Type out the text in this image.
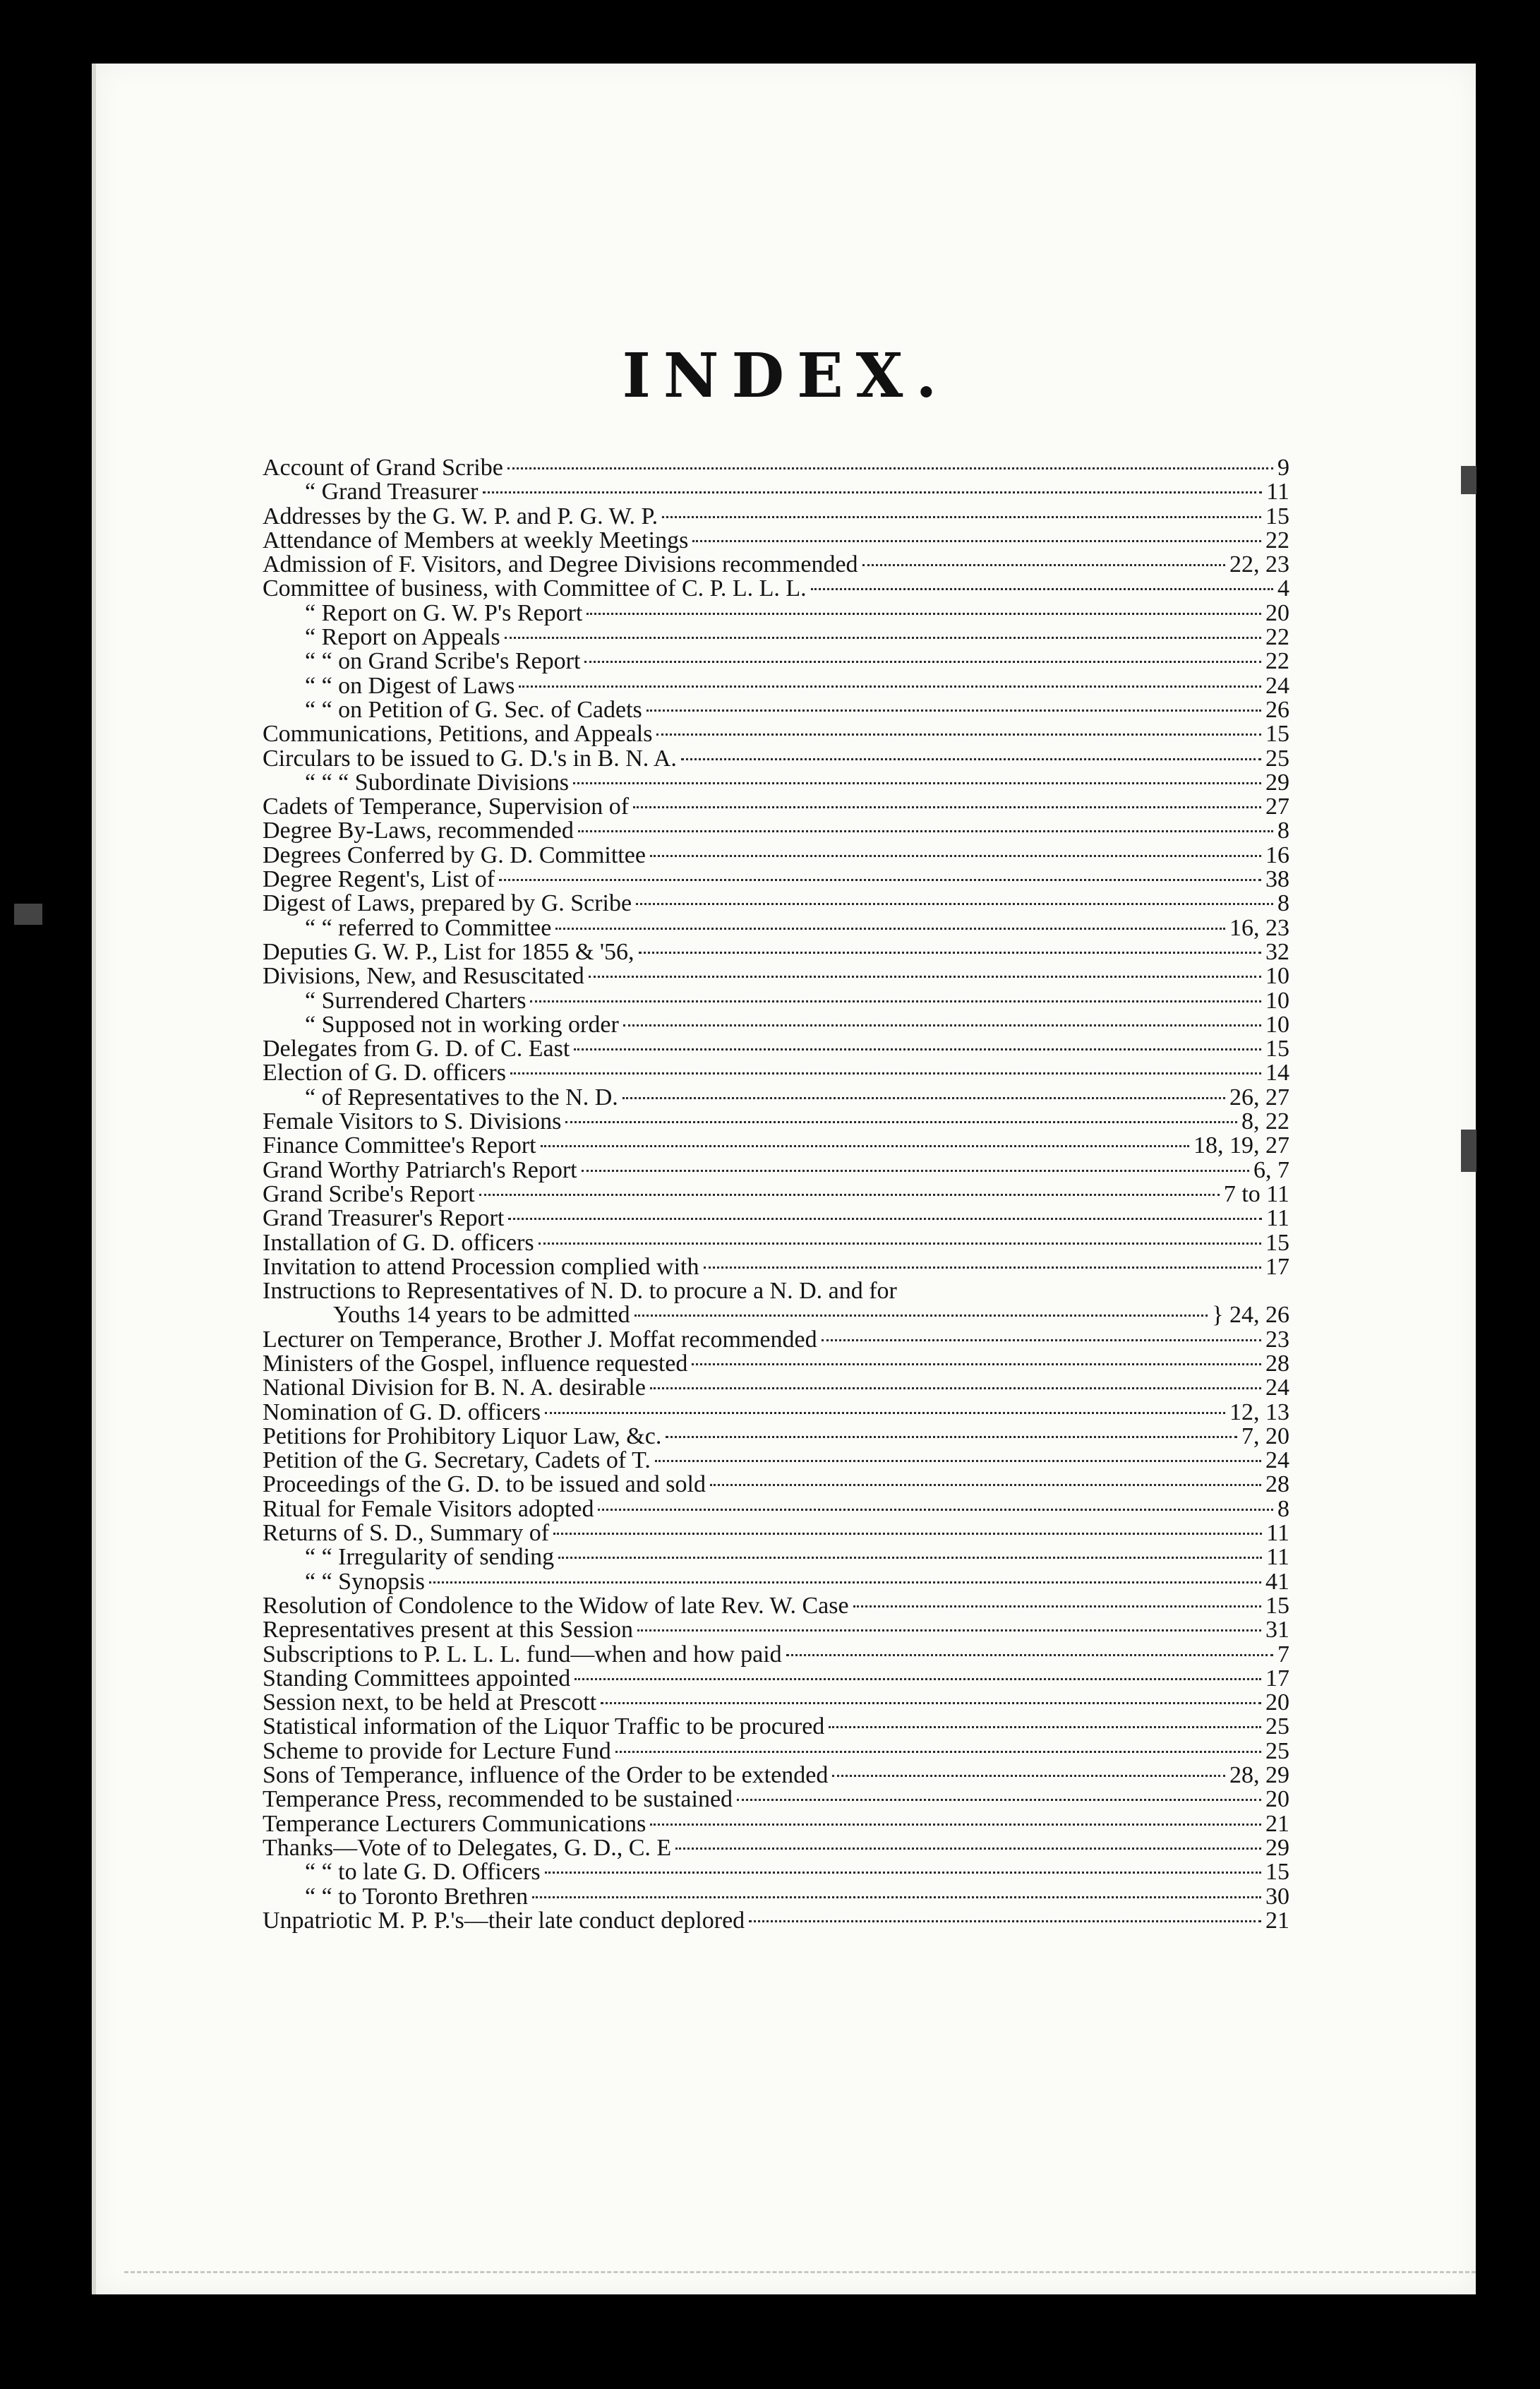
INDEX.
Account of Grand Scribe	9
“ Grand Treasurer	11
Addresses by the G. W. P. and P. G. W. P.	15
Attendance of Members at weekly Meetings	22
Admission of F. Visitors, and Degree Divisions recommended	22, 23
Committee of business, with Committee of C. P. L. L. L.	4
“ Report on G. W. P's Report	20
“ Report on Appeals	22
“ “ on Grand Scribe's Report	22
“ “ on Digest of Laws	24
“ “ on Petition of G. Sec. of Cadets	26
Communications, Petitions, and Appeals	15
Circulars to be issued to G. D.'s in B. N. A.	25
“ “ “ Subordinate Divisions	29
Cadets of Temperance, Supervision of	27
Degree By-Laws, recommended	8
Degrees Conferred by G. D. Committee	16
Degree Regent's, List of	38
Digest of Laws, prepared by G. Scribe	8
“ “ referred to Committee	16, 23
Deputies G. W. P., List for 1855 & '56,	32
Divisions, New, and Resuscitated	10
“ Surrendered Charters	10
“ Supposed not in working order	10
Delegates from G. D. of C. East	15
Election of G. D. officers	14
“ of Representatives to the N. D.	26, 27
Female Visitors to S. Divisions	8, 22
Finance Committee's Report	18, 19, 27
Grand Worthy Patriarch's Report	6, 7
Grand Scribe's Report	7 to 11
Grand Treasurer's Report	11
Installation of G. D. officers	15
Invitation to attend Procession complied with	17
Instructions to Representatives of N. D. to procure a N. D. and for
Youths 14 years to be admitted	} 24, 26
Lecturer on Temperance, Brother J. Moffat recommended	23
Ministers of the Gospel, influence requested	28
National Division for B. N. A. desirable	24
Nomination of G. D. officers	12, 13
Petitions for Prohibitory Liquor Law, &c.	7, 20
Petition of the G. Secretary, Cadets of T.	24
Proceedings of the G. D. to be issued and sold	28
Ritual for Female Visitors adopted	8
Returns of S. D., Summary of	11
“ “ Irregularity of sending	11
“ “ Synopsis	41
Resolution of Condolence to the Widow of late Rev. W. Case	15
Representatives present at this Session	31
Subscriptions to P. L. L. L. fund—when and how paid	7
Standing Committees appointed	17
Session next, to be held at Prescott	20
Statistical information of the Liquor Traffic to be procured	25
Scheme to provide for Lecture Fund	25
Sons of Temperance, influence of the Order to be extended	28, 29
Temperance Press, recommended to be sustained	20
Temperance Lecturers Communications	21
Thanks—Vote of to Delegates, G. D., C. E	29
“ “ to late G. D. Officers	15
“ “ to Toronto Brethren	30
Unpatriotic M. P. P.'s—their late conduct deplored	21
